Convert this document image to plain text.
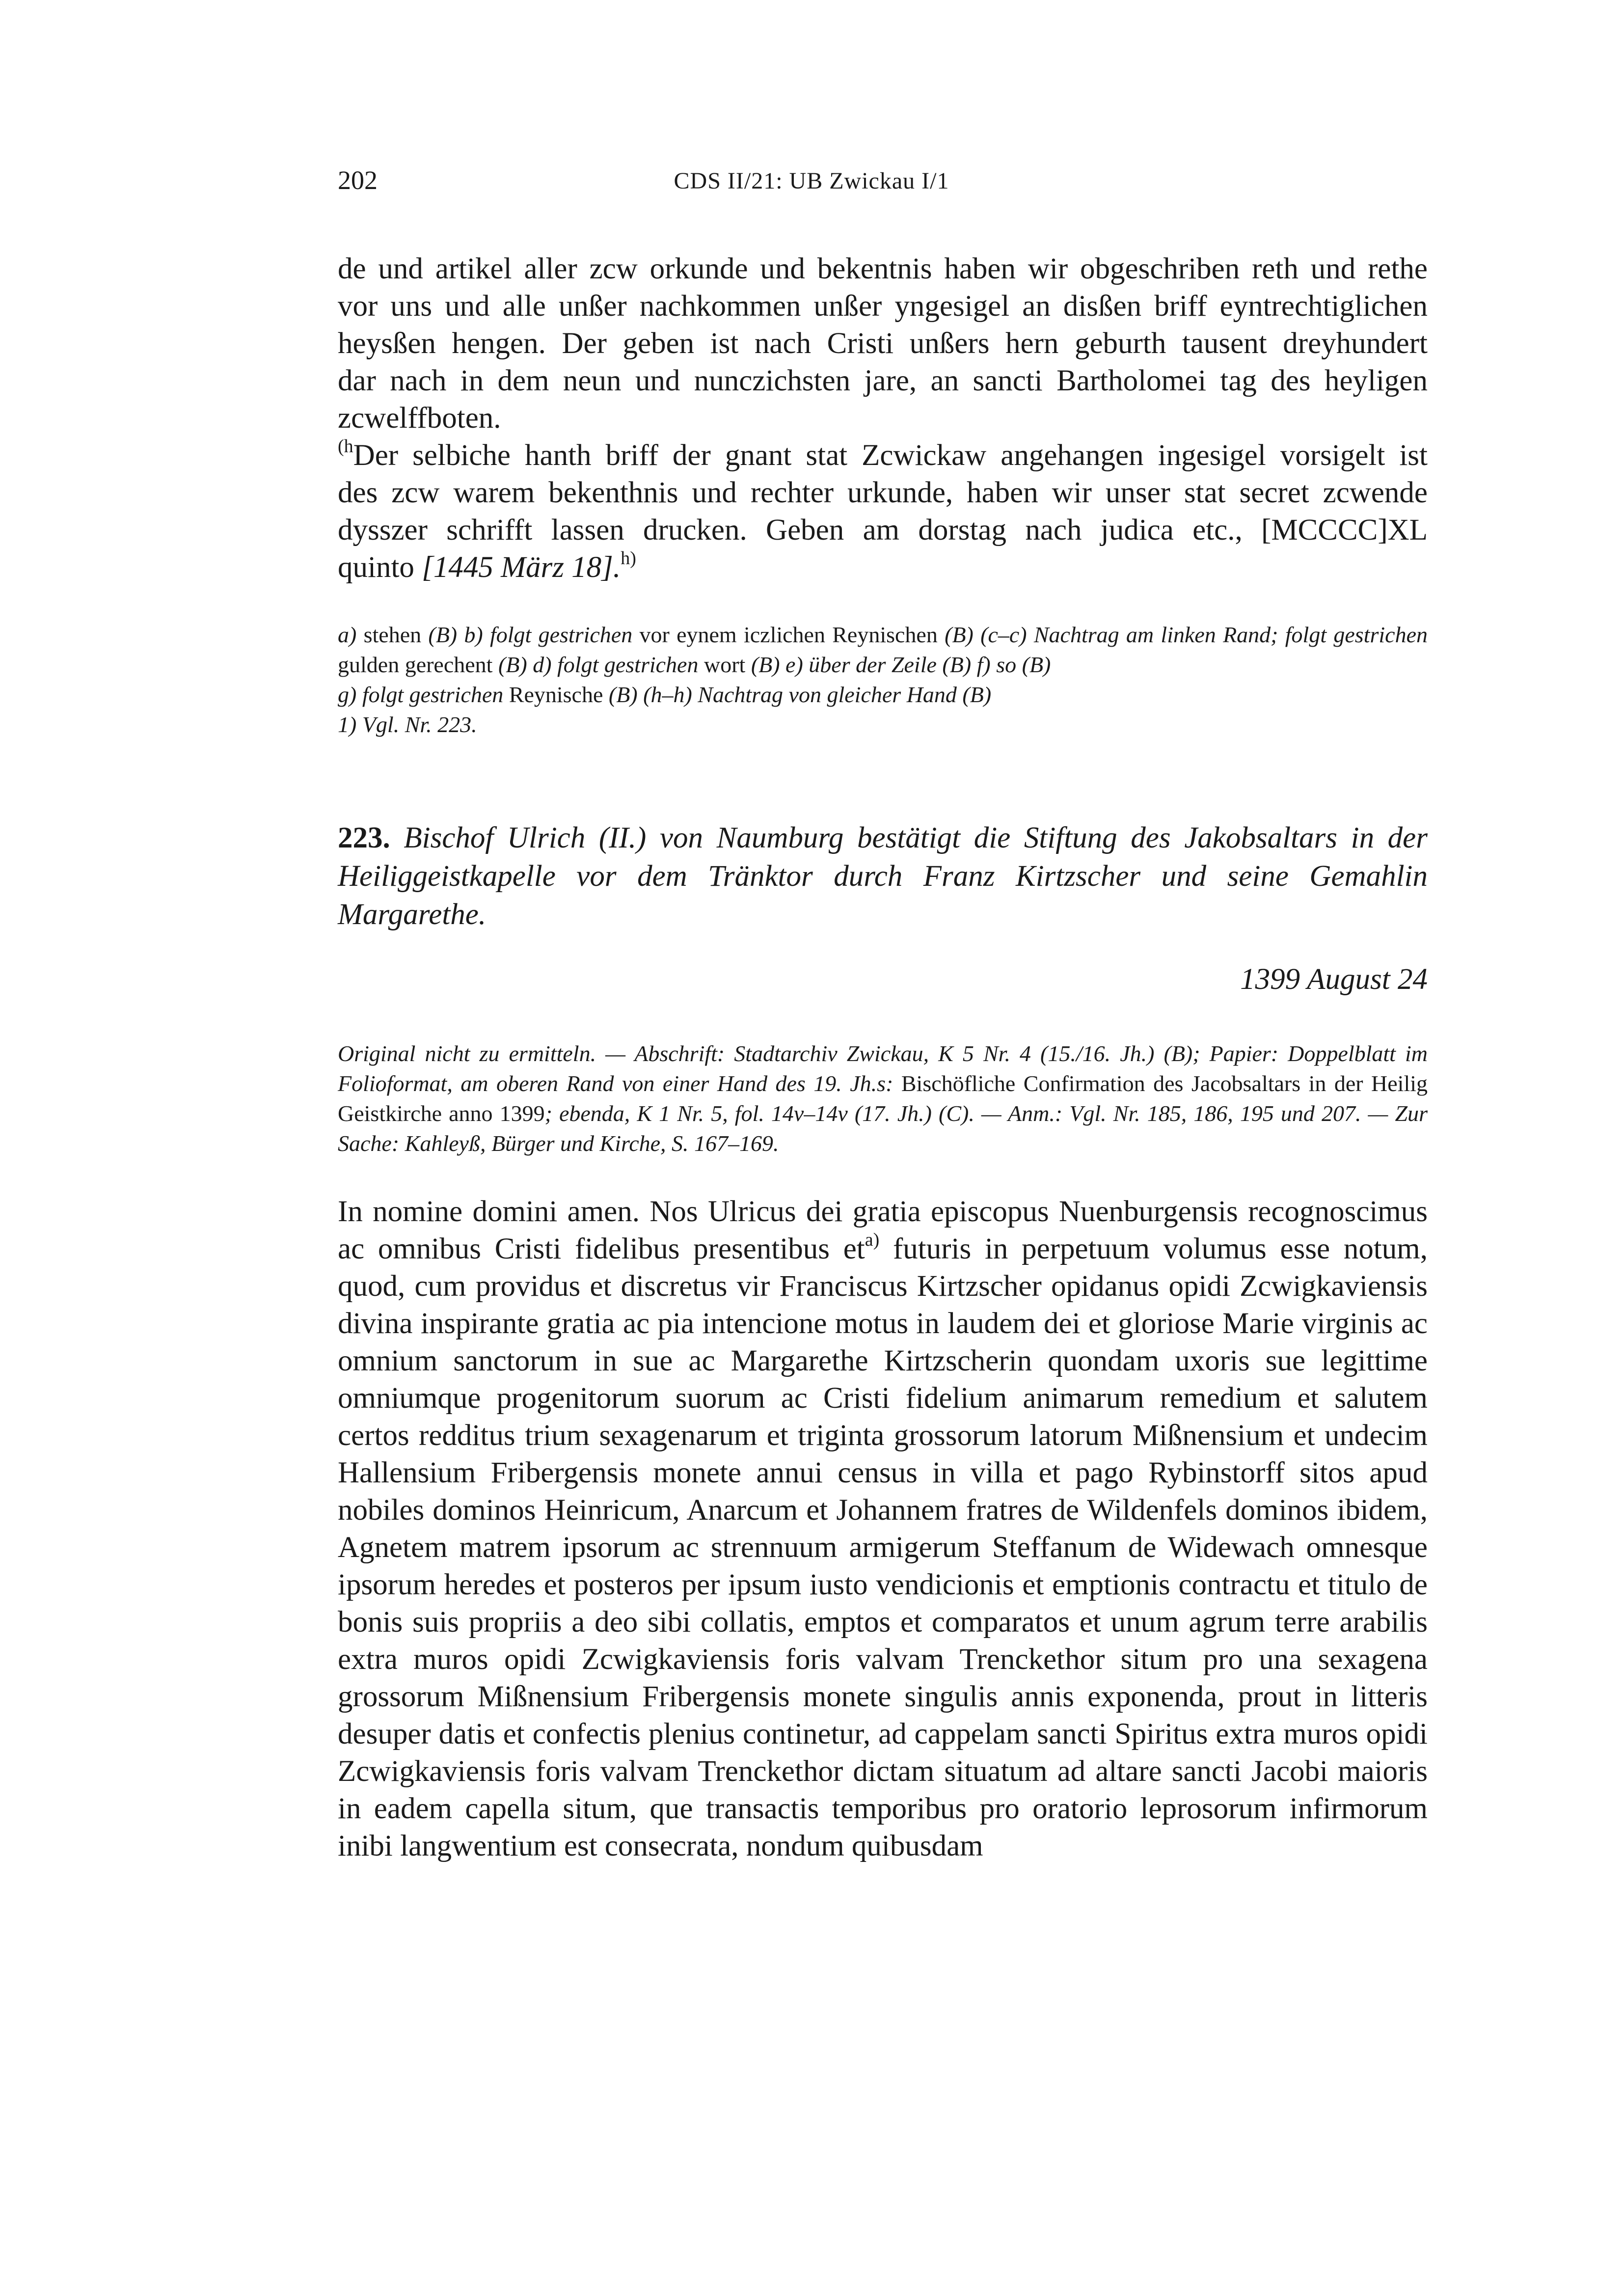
202	CDS II/21: UB Zwickau I/1

de und artikel aller zcw orkunde und bekentnis haben wir obgeschriben reth und rethe

vor uns und alle unßer nachkommen unßer yngesigel an disßen briff eyntrechtiglichen

heysßen hengen. Der geben ist nach Cristi unßers hern geburth tausent dreyhundert

dar nach in dem neun und nunczichsten jare, an sancti Bartholomei tag des heyligen

zcwelffboten.

$^{(h}$Der selbiche hanth briff der gnant stat Zcwickaw angehangen ingesigel vorsigelt ist

des zcw warem bekenthnis und rechter urkunde, haben wir unser stat secret zcwende

dysszer schrifft lassen drucken. Geben am dorstag nach judica etc., [MCCCC]XL

quinto [1445 März 18].$^{h)}$

a) stehen (B) b) folgt gestrichen vor eynem iczlichen Reynischen (B) (c–c) Nachtrag am linken Rand; folgt gestrichen gulden gerechent (B) d) folgt gestrichen wort (B) e) über der Zeile (B) f) so (B)

g) folgt gestrichen Reynische (B) (h–h) Nachtrag von gleicher Hand (B)

1) Vgl. Nr. 223.

223. Bischof Ulrich (II.) von Naumburg bestätigt die Stiftung des Jakobsaltars in der Heiliggeistkapelle vor dem Tränktor durch Franz Kirtzscher und seine Gemahlin Margarethe.
1399 August 24

Original nicht zu ermitteln. — Abschrift: Stadtarchiv Zwickau, K 5 Nr. 4 (15./16. Jh.) (B); Papier: Doppelblatt im Folioformat, am oberen Rand von einer Hand des 19. Jh.s: Bischöfliche Confirmation des Jacobsaltars in der Heilig Geistkirche anno 1399; ebenda, K 1 Nr. 5, fol. 14v–14v (17. Jh.) (C). — Anm.: Vgl. Nr. 185, 186, 195 und 207. — Zur Sache: Kahleyß, Bürger und Kirche, S. 167–169.

In nomine domini amen. Nos Ulricus dei gratia episcopus Nuenburgensis recognoscimus ac omnibus Cristi fidelibus presentibus $et^{a)}$ futuris in perpetuum volumus esse notum, quod, cum providus et discretus vir Franciscus Kirtzscher opidanus opidi Zcwigkaviensis divina inspirante gratia ac pia intencione motus in laudem dei et gloriose Marie virginis ac omnium sanctorum in sue ac Margarethe Kirtzscherin quondam uxoris sue legittime omniumque progenitorum suorum ac Cristi fidelium animarum remedium et salutem certos redditus trium sexagenarum et triginta grossorum latorum Mißnensium et undecim Hallensium Fribergensis monete annui census in villa et pago Rybinstorff sitos apud nobiles dominos Heinricum, Anarcum et Johannem fratres de Wildenfels dominos ibidem, Agnetem matrem ipsorum ac strennuum armigerum Steffanum de Widewach omnesque ipsorum heredes et posteros per ipsum iusto vendicionis et emptionis contractu et titulo de bonis suis propriis a deo sibi collatis, emptos et comparatos et unum agrum terre arabilis extra muros opidi Zcwigkaviensis foris valvam Trenckethor situm pro una sexagena grossorum Mißnensium Fribergensis monete singulis annis exponenda, prout in litteris desuper datis et confectis plenius continetur, ad cappelam sancti Spiritus extra muros opidi Zcwigkaviensis foris valvam Trenckethor dictam situatum ad altare sancti Jacobi maioris in eadem capella situm, que transactis temporibus pro oratorio leprosorum infirmorum inibi langwentium est consecrata, nondum quibusdam
